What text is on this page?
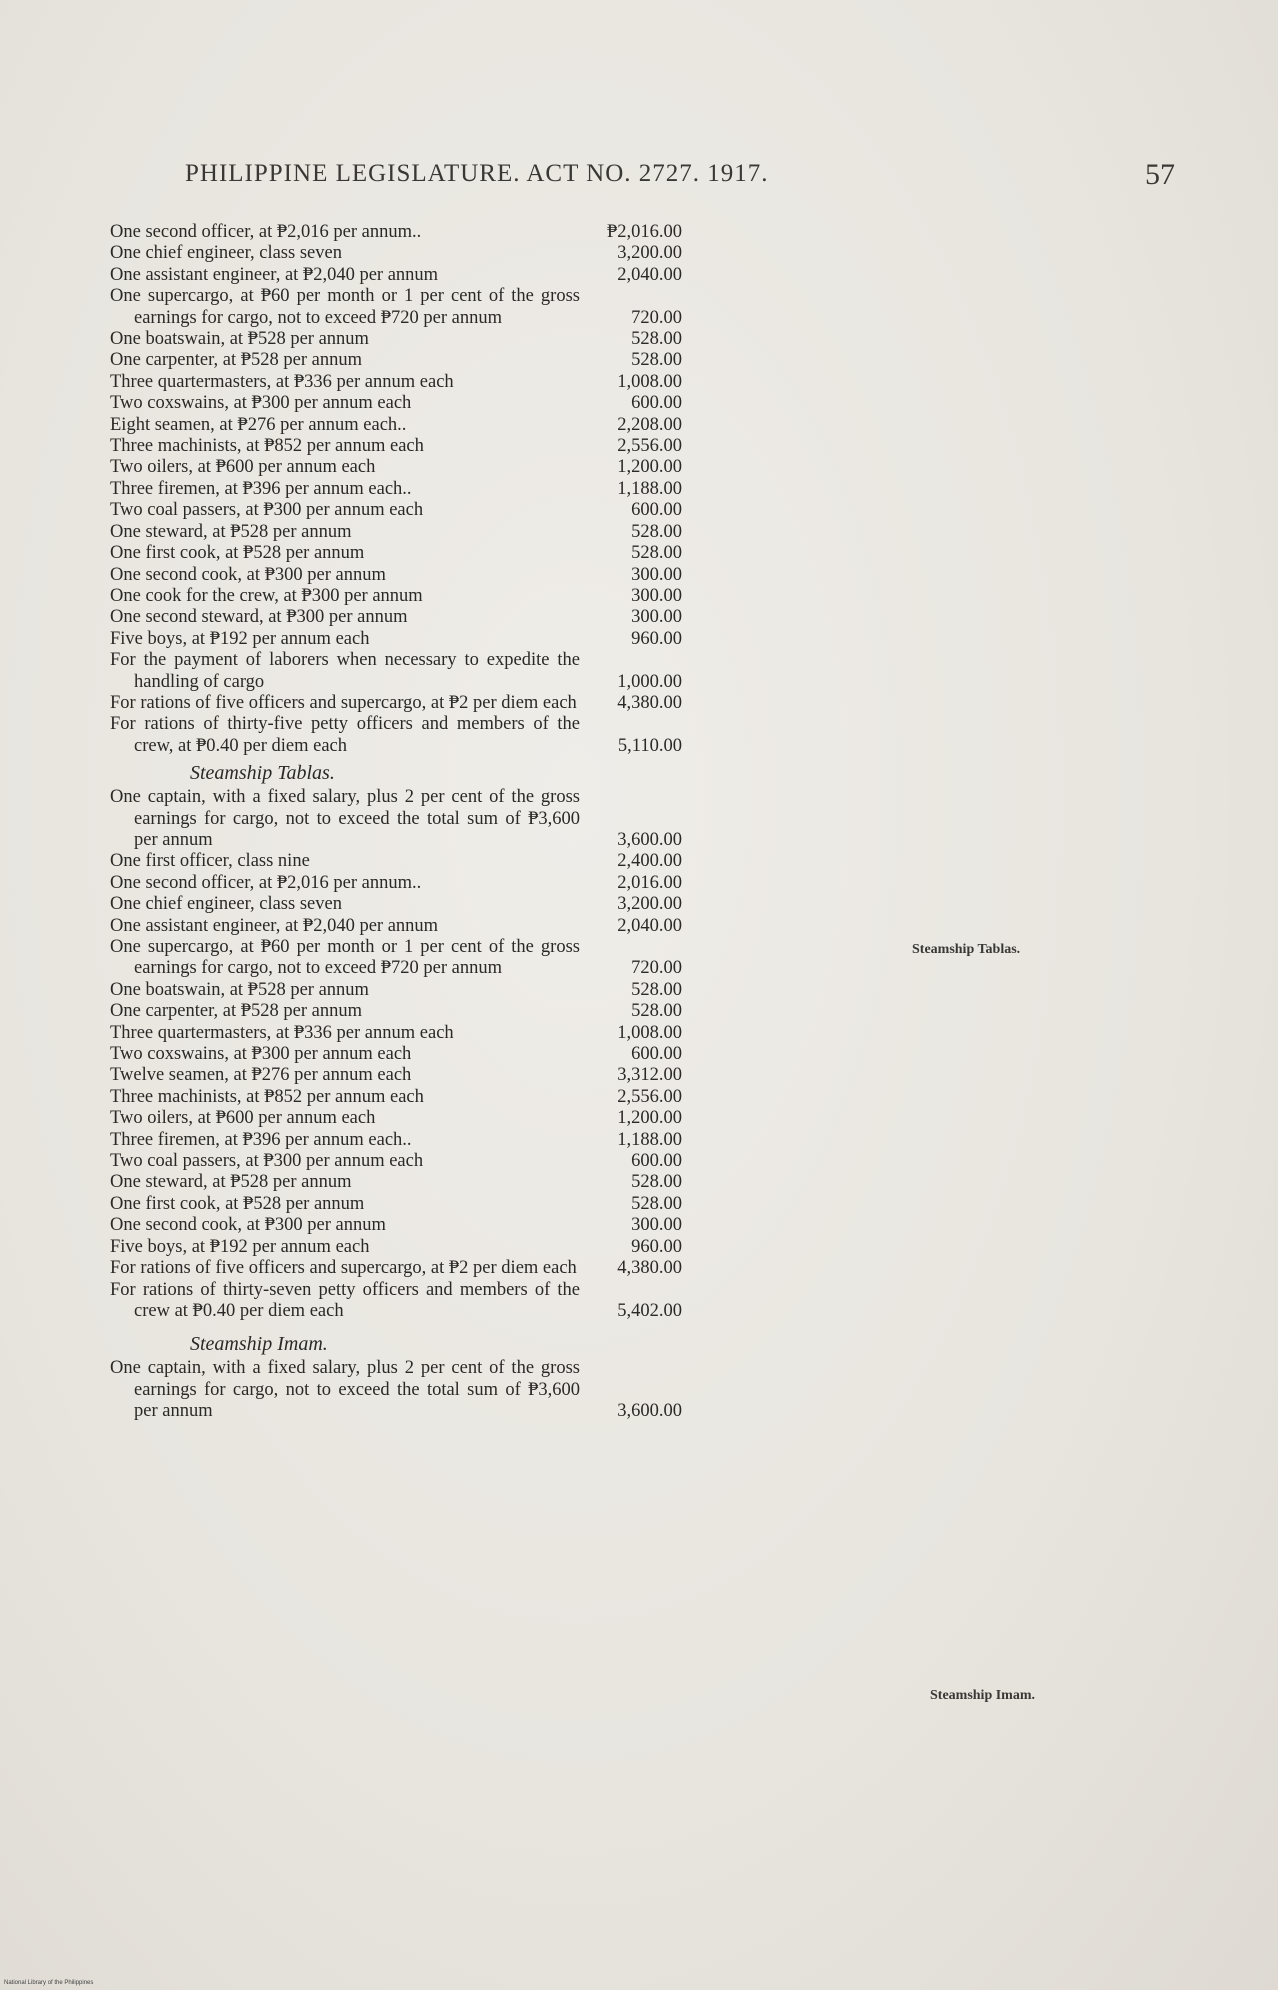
PHILIPPINE LEGISLATURE. ACT NO. 2727. 1917.	57
One second officer, at ₱2,016 per annum..	₱2,016.00
One chief engineer, class seven	3,200.00
One assistant engineer, at ₱2,040 per annum	2,040.00
One supercargo, at ₱60 per month or 1 per cent of the gross earnings for cargo, not to exceed ₱720 per annum	720.00
One boatswain, at ₱528 per annum	528.00
One carpenter, at ₱528 per annum	528.00
Three quartermasters, at ₱336 per annum each	1,008.00
Two coxswains, at ₱300 per annum each	600.00
Eight seamen, at ₱276 per annum each..	2,208.00
Three machinists, at ₱852 per annum each	2,556.00
Two oilers, at ₱600 per annum each	1,200.00
Three firemen, at ₱396 per annum each..	1,188.00
Two coal passers, at ₱300 per annum each	600.00
One steward, at ₱528 per annum	528.00
One first cook, at ₱528 per annum	528.00
One second cook, at ₱300 per annum	300.00
One cook for the crew, at ₱300 per annum	300.00
One second steward, at ₱300 per annum	300.00
Five boys, at ₱192 per annum each	960.00
For the payment of laborers when necessary to expedite the handling of cargo	1,000.00
For rations of five officers and supercargo, at ₱2 per diem each	4,380.00
For rations of thirty-five petty officers and members of the crew, at ₱0.40 per diem each	5,110.00
Steamship Tablas.
One captain, with a fixed salary, plus 2 per cent of the gross earnings for cargo, not to exceed the total sum of ₱3,600 per annum	3,600.00
One first officer, class nine	2,400.00
One second officer, at ₱2,016 per annum..	2,016.00
One chief engineer, class seven	3,200.00
One assistant engineer, at ₱2,040 per annum	2,040.00
One supercargo, at ₱60 per month or 1 per cent of the gross earnings for cargo, not to exceed ₱720 per annum	720.00
One boatswain, at ₱528 per annum	528.00
One carpenter, at ₱528 per annum	528.00
Three quartermasters, at ₱336 per annum each	1,008.00
Two coxswains, at ₱300 per annum each	600.00
Twelve seamen, at ₱276 per annum each	3,312.00
Three machinists, at ₱852 per annum each	2,556.00
Two oilers, at ₱600 per annum each	1,200.00
Three firemen, at ₱396 per annum each..	1,188.00
Two coal passers, at ₱300 per annum each	600.00
One steward, at ₱528 per annum	528.00
One first cook, at ₱528 per annum	528.00
One second cook, at ₱300 per annum	300.00
Five boys, at ₱192 per annum each	960.00
For rations of five officers and supercargo, at ₱2 per diem each	4,380.00
For rations of thirty-seven petty officers and members of the crew at ₱0.40 per diem each	5,402.00
Steamship Imam.
One captain, with a fixed salary, plus 2 per cent of the gross earnings for cargo, not to exceed the total sum of ₱3,600 per annum	3,600.00
Steamship Tablas.
Steamship Imam.
National Library of the Philippines
